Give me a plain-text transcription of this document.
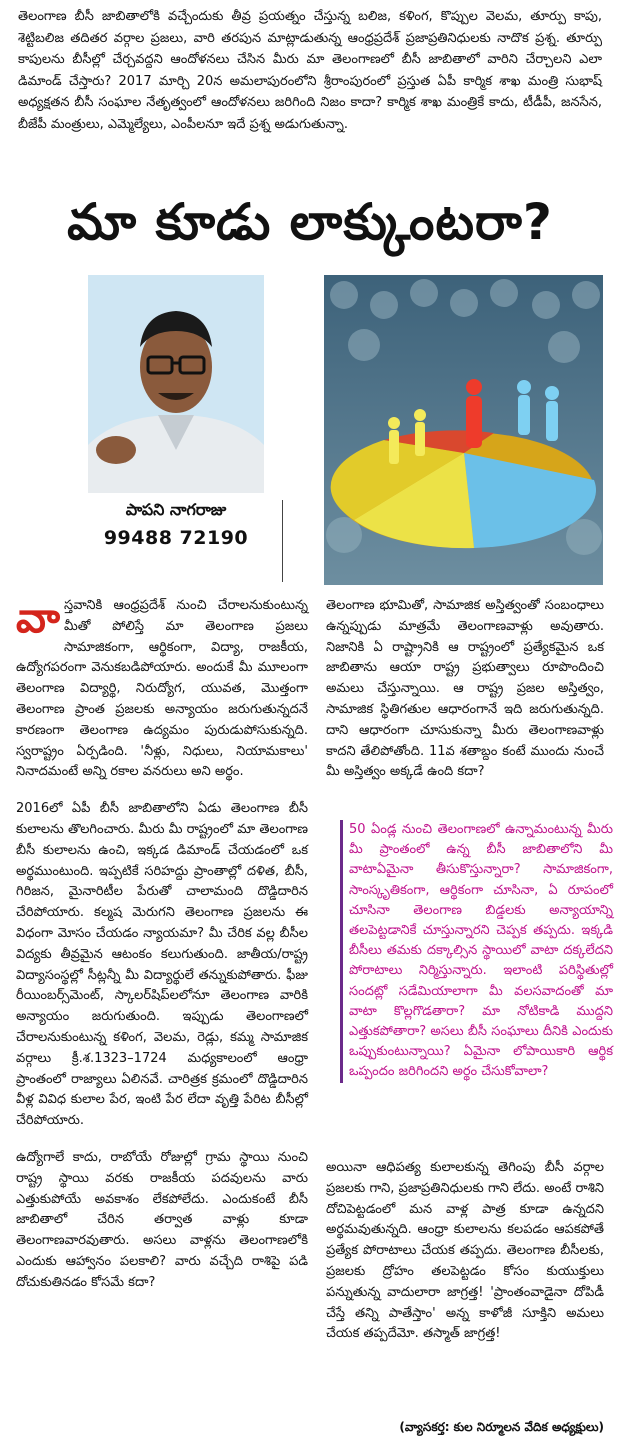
తెలంగాణ బీసీ జాబితాలోకి వచ్చేందుకు తీవ్ర ప్రయత్నం చేస్తున్న బలిజ, కళింగ, కొప్పుల వెలమ, తూర్పు కాపు, శెట్టిబలిజ తదితర వర్గాల ప్రజలు, వారి తరపున మాట్లాడుతున్న ఆంధ్రప్రదేశ్ ప్రజాప్రతినిధులకు నాదొక ప్రశ్న. తూర్పు కాపులను బీసీల్లో చేర్చవద్దని ఆందోళనలు చేసిన మీరు మా తెలంగాణలో బీసీ జాబితాలో వారిని చేర్చాలని ఎలా డిమాండ్ చేస్తారు? 2017 మార్చి 20న అమలాపురంలోని శ్రీరాంపురంలో ప్రస్తుత ఏపీ కార్మిక శాఖ మంత్రి సుభాష్ అధ్యక్షతన బీసీ సంఘాల నేతృత్వంలో ఆందోళనలు జరిగింది నిజం కాదా? కార్మిక శాఖ మంత్రికే కాదు, టీడీపీ, జనసేన, బీజేపీ మంత్రులు, ఎమ్మెల్యేలు, ఎంపీలనూ ఇదే ప్రశ్న అడుగుతున్నా.

మా కూడు లాక్కుంటరా?
పాపని నాగరాజు
99488 72190

వాస్తవానికి ఆంధ్రప్రదేశ్ నుంచి చేరాలనుకుంటున్న మీతో పోలిస్తే మా తెలంగాణ ప్రజలు సామాజికంగా, ఆర్థికంగా, విద్యా, రాజకీయ, ఉద్యోగపరంగా వెనుకబడిపోయారు. అందుకే మీ మూలంగా తెలంగాణ విద్యార్థి, నిరుద్యోగ, యువత, మొత్తంగా తెలంగాణ ప్రాంత ప్రజలకు అన్యాయం జరుగుతున్నదనే కారణంగా తెలంగాణ ఉద్యమం పురుడుపోసుకున్నది. స్వరాష్ట్రం ఏర్పడింది. 'నీళ్లు, నిధులు, నియామకాలు' నినాదమంటే అన్ని రకాల వనరులు అని అర్థం.

2016లో ఏపీ బీసీ జాబితాలోని ఏడు తెలంగాణ బీసీ కులాలను తొలగించారు. మీరు మీ రాష్ట్రంలో మా తెలంగాణ బీసీ కులాలను ఉంచి, ఇక్కడ డిమాండ్ చేయడంలో ఒక అర్థముంటుంది. ఇప్పటికే సరిహద్దు ప్రాంతాల్లో దళిత, బీసీ, గిరిజన, మైనారిటీల పేరుతో చాలామంది దొడ్డిదారిన చేరిపోయారు. కల్మష మెరుగని తెలంగాణ ప్రజలను ఈ విధంగా మోసం చేయడం న్యాయమా? మీ చేరిక వల్ల బీసీల విద్యకు తీవ్రమైన ఆటంకం కలుగుతుంది. జాతీయ/రాష్ట్ర విద్యాసంస్థల్లో సీట్లన్నీ మీ విద్యార్థులే తన్నుకుపోతారు. ఫీజు రీయింబర్స్‌మెంట్, స్కాలర్‌షిప్‌లలోనూ తెలంగాణ వారికి అన్యాయం జరుగుతుంది. ఇప్పుడు తెలంగాణలో చేరాలనుకుంటున్న కళింగ, వెలమ, రెడ్లు, కమ్మ సామాజిక వర్గాలు క్రీ.శ.1323–1724 మధ్యకాలంలో ఆంధ్రా ప్రాంతంలో రాజ్యాలు ఏలినవే. చారిత్రక క్రమంలో దొడ్డిదారిన వీళ్ల వివిధ కులాల పేర, ఇంటి పేర లేదా వృత్తి పేరిట బీసీల్లో చేరిపోయారు.

ఉద్యోగాలే కాదు, రాబోయే రోజుల్లో గ్రామ స్థాయి నుంచి రాష్ట్ర స్థాయి వరకు రాజకీయ పదవులను వారు ఎత్తుకుపోయే అవకాశం లేకపోలేదు. ఎందుకంటే బీసీ జాబితాలో చేరిన తర్వాత వాళ్లు కూడా తెలంగాణవారవుతారు. అసలు వాళ్లను తెలంగాణలోకి ఎందుకు ఆహ్వానం పలకాలి? వారు వచ్చేది రాశిపై పడి దోచుకుతినడం కోసమే కదా?

తెలంగాణ భూమితో, సామాజిక అస్తిత్వంతో సంబంధాలు ఉన్నప్పుడు మాత్రమే తెలంగాణవాళ్లు అవుతారు. నిజానికి ఏ రాష్ట్రానికి ఆ రాష్ట్రంలో ప్రత్యేకమైన ఒక జాబితాను ఆయా రాష్ట్ర ప్రభుత్వాలు రూపొందించి అమలు చేస్తున్నాయి. ఆ రాష్ట్ర ప్రజల అస్తిత్వం, సామాజిక స్థితిగతుల ఆధారంగానే ఇది జరుగుతున్నది. దాని ఆధారంగా చూసుకున్నా మీరు తెలంగాణవాళ్లు కాదని తేలిపోతోంది. 11వ శతాబ్దం కంటే ముందు నుంచే మీ అస్తిత్వం అక్కడే ఉంది కదా?

50 ఏండ్ల నుంచి తెలంగాణలో ఉన్నామంటున్న మీరు మీ ప్రాంతంలో ఉన్న బీసీ జాబితాలోని మీ వాటాఏమైనా తీసుకొస్తున్నారా? సామాజికంగా, సాంస్కృతికంగా, ఆర్థికంగా చూసినా, ఏ రూపంలో చూసినా తెలంగాణ బిడ్డలకు అన్యాయాన్ని తలపెట్టడానికే చూస్తున్నారని చెప్పక తప్పదు. ఇక్కడి బీసీలు తమకు దక్కాల్సిన స్థాయిలో వాటా దక్కలేదని పోరాటాలు నిర్మిస్తున్నారు. ఇలాంటి పరిస్థితుల్లో సందట్లో సడేమియాలాగా మీ వలసవాదంతో మా వాటా కొల్లగొడతారా? మా నోటికాడి ముద్దని ఎత్తుకపోతారా? అసలు బీసీ సంఘాలు దీనికి ఎందుకు ఒప్పుకుంటున్నాయి? ఏమైనా లోపాయికారి ఆర్థిక ఒప్పందం జరిగిందని అర్థం చేసుకోవాలా?

అయినా ఆధిపత్య కులాలకున్న తెగింపు బీసీ వర్గాల ప్రజలకు గాని, ప్రజాప్రతినిధులకు గాని లేదు. అంటే రాశిని దోచిపెట్టడంలో మన వాళ్ల పాత్ర కూడా ఉన్నదని అర్థమవుతున్నది. ఆంధ్రా కులాలను కలపడం ఆపకపోతే ప్రత్యేక పోరాటాలు చేయక తప్పదు. తెలంగాణ బీసీలకు, ప్రజలకు ద్రోహం తలపెట్టడం కోసం కుయుక్తులు పన్నుతున్న వాదులారా జాగ్రత్త! 'ప్రాంతంవాడైనా దోపిడీ చేస్తే తన్ని పాతేస్తాం' అన్న కాళోజీ సూక్తిని అమలు చేయక తప్పదేమో. తస్మాత్ జాగ్రత్త!

(వ్యాసకర్త: కుల నిర్మూలన వేదిక అధ్యక్షులు)
